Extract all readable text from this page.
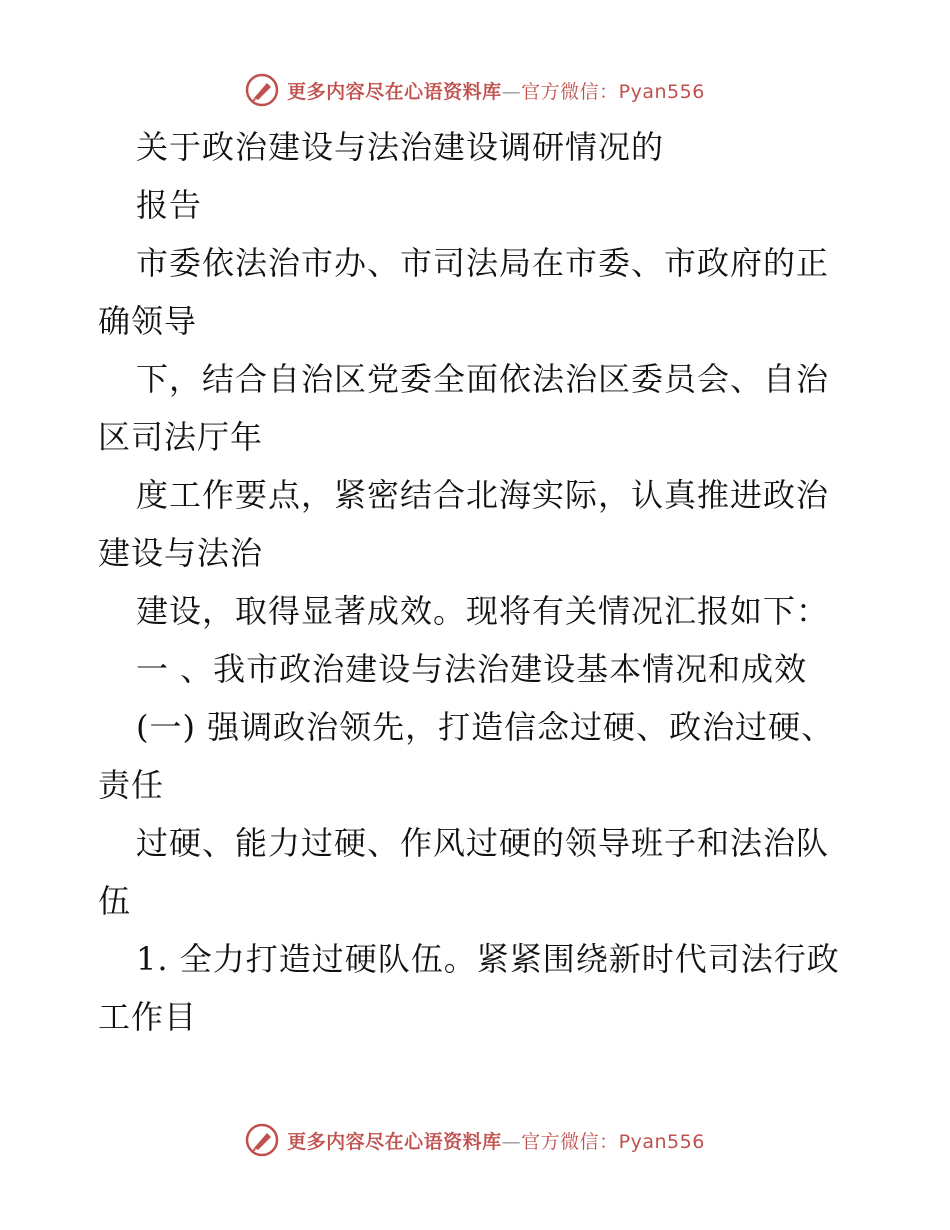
更多内容尽在心语资料库—官方微信：Pyan556
关于政治建设与法治建设调研情况的
报告
市委依法治市办、市司法局在市委、市政府的正
确领导
下，结合自治区党委全面依法治区委员会、自治
区司法厅年
度工作要点，紧密结合北海实际，认真推进政治
建设与法治
建设，取得显著成效。现将有关情况汇报如下：
一 、我市政治建设与法治建设基本情况和成效
(一) 强调政治领先，打造信念过硬、政治过硬、
责任
过硬、能力过硬、作风过硬的领导班子和法治队
伍
1. 全力打造过硬队伍。紧紧围绕新时代司法行政
工作目
更多内容尽在心语资料库—官方微信：Pyan556
